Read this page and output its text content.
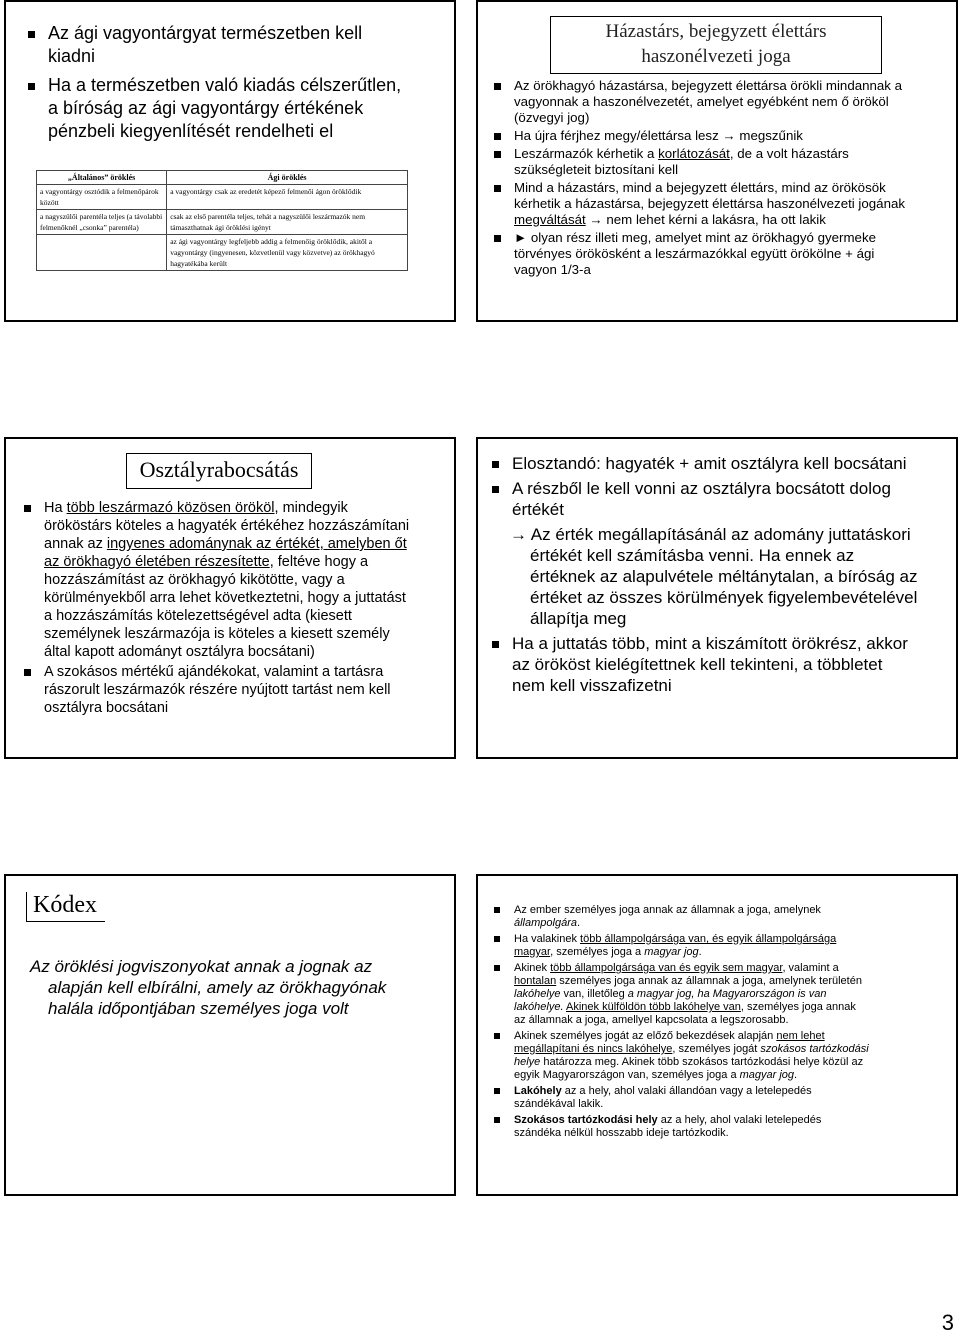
Az ági vagyontárgyat természetben kell kiadni
Ha a természetben való kiadás célszerűtlen, a bíróság az ági vagyontárgy értékének pénzbeli kiegyenlítését rendelheti el
„Általános” öröklés	Ági öröklés
a vagyontárgy osztódik a felmenőpárok között	a vagyontárgy csak az eredetét képező felmenői ágon öröklődik
a nagyszülői parentéla teljes (a távolabbi felmenőknél „csonka” parentéla)	csak az első parentéla teljes, tehát a nagyszülői leszármazók nem támaszthatnak ági öröklési igényt
	az ági vagyontárgy legfeljebb addig a felmenőig öröklődik, akitől a vagyontárgy (ingyenesen, közvetlenül vagy közvetve) az örökhagyó hagyatékába került
Házastárs, bejegyzett élettárs
haszonélvezeti joga
Az örökhagyó házastársa, bejegyzett élettársa örökli mindannak a vagyonnak a haszonélvezetét, amelyet egyébként nem ő örököl (özvegyi jog)
Ha újra férjhez megy/élettársa lesz → megszűnik
Leszármazók kérhetik a korlátozását, de a volt házastárs szükségleteit biztosítani kell
Mind a házastárs, mind a bejegyzett élettárs, mind az örökösök kérhetik a házastársa, bejegyzett élettársa haszonélvezeti jogának megváltását → nem lehet kérni a lakásra, ha ott lakik
► olyan rész illeti meg, amelyet mint az örökhagyó gyermeke törvényes örökösként a leszármazókkal együtt örökölne + ági vagyon 1/3-a
Osztályrabocsátás
Ha több leszármazó közösen örököl, mindegyik örököstárs köteles a hagyaték értékéhez hozzászámítani annak az ingyenes adománynak az értékét, amelyben őt az örökhagyó életében részesítette, feltéve hogy a hozzászámítást az örökhagyó kikötötte, vagy a körülményekből arra lehet következtetni, hogy a juttatást a hozzászámítás kötelezettségével adta (kiesett személynek leszármazója is köteles a kiesett személy által kapott adományt osztályra bocsátani)
A szokásos mértékű ajándékokat, valamint a tartásra rászorult leszármazók részére nyújtott tartást nem kell osztályra bocsátani
Elosztandó: hagyaték + amit osztályra kell bocsátani
A részből le kell vonni az osztályra bocsátott dolog értékét
→ Az érték megállapításánál az adomány juttatáskori értékét kell számításba venni. Ha ennek az értéknek az alapulvétele méltánytalan, a bíróság az értéket az összes körülmények figyelembevételével állapítja meg
Ha a juttatás több, mint a kiszámított örökrész, akkor az örököst kielégítettnek kell tekinteni, a többletet nem kell visszafizetni
Kódex
Az öröklési jogviszonyokat annak a jognak az
alapján kell elbírálni, amely az örökhagyónak
halála időpontjában személyes joga volt
Az ember személyes joga annak az államnak a joga, amelynek állampolgára.
Ha valakinek több állampolgársága van, és egyik állampolgársága magyar, személyes joga a magyar jog.
Akinek több állampolgársága van és egyik sem magyar, valamint a hontalan személyes joga annak az államnak a joga, amelynek területén lakóhelye van, illetőleg a magyar jog, ha Magyarországon is van lakóhelye. Akinek külföldön több lakóhelye van, személyes joga annak az államnak a joga, amellyel kapcsolata a legszorosabb.
Akinek személyes jogát az előző bekezdések alapján nem lehet megállapítani és nincs lakóhelye, személyes jogát szokásos tartózkodási helye határozza meg. Akinek több szokásos tartózkodási helye közül az egyik Magyarországon van, személyes joga a magyar jog.
Lakóhely az a hely, ahol valaki állandóan vagy a letelepedés szándékával lakik.
Szokásos tartózkodási hely az a hely, ahol valaki letelepedés szándéka nélkül hosszabb ideje tartózkodik.
3
